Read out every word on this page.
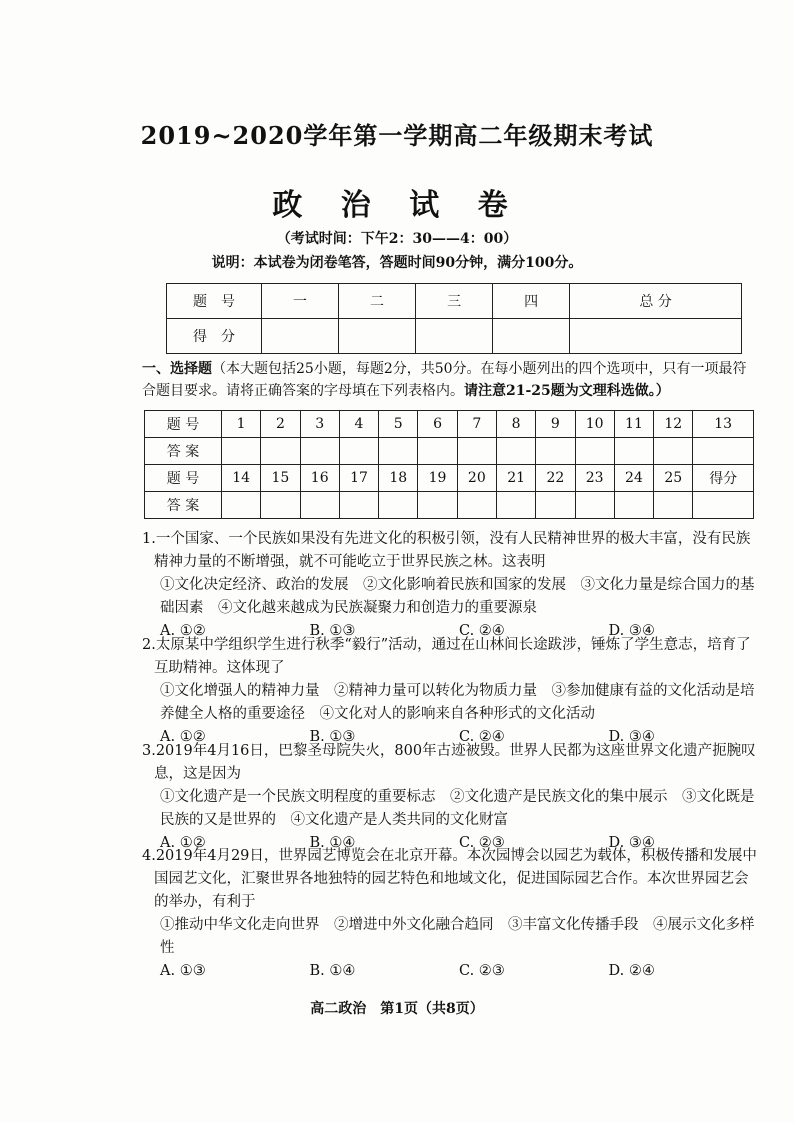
2019~2020学年第一学期高二年级期末考试
政 治 试 卷
（考试时间：下午2：30——4：00）
说明：本试卷为闭卷笔答，答题时间90分钟，满分100分。
题　号	一	二	三	四	总 分
得　分					
一、选择题（本大题包括25小题，每题2分，共50分。在每小题列出的四个选项中，只有一项最符合题目要求。请将正确答案的字母填在下列表格内。请注意21-25题为文理科选做。）
题 号	1	2	3	4	5	6	7	8	9	10	11	12	13
答 案													
题 号	14	15	16	17	18	19	20	21	22	23	24	25	得分
答 案													
1.一个国家、一个民族如果没有先进文化的积极引领，没有人民精神世界的极大丰富，没有民族精神力量的不断增强，就不可能屹立于世界民族之林。这表明
①文化决定经济、政治的发展　②文化影响着民族和国家的发展　③文化力量是综合国力的基础因素　④文化越来越成为民族凝聚力和创造力的重要源泉
A. ①②	B. ①③	C. ②④	D. ③④
2.太原某中学组织学生进行秋季“毅行”活动，通过在山林间长途跋涉，锤炼了学生意志，培育了互助精神。这体现了
①文化增强人的精神力量　②精神力量可以转化为物质力量　③参加健康有益的文化活动是培养健全人格的重要途径　④文化对人的影响来自各种形式的文化活动
A. ①②	B. ①③	C. ②④	D. ③④
3.2019年4月16日，巴黎圣母院失火，800年古迹被毁。世界人民都为这座世界文化遗产扼腕叹息，这是因为
①文化遗产是一个民族文明程度的重要标志　②文化遗产是民族文化的集中展示　③文化既是民族的又是世界的　④文化遗产是人类共同的文化财富
A. ①②	B. ①④	C. ②③	D. ③④
4.2019年4月29日，世界园艺博览会在北京开幕。本次园博会以园艺为载体，积极传播和发展中国园艺文化，汇聚世界各地独特的园艺特色和地域文化，促进国际园艺合作。本次世界园艺会的举办，有利于
①推动中华文化走向世界　②增进中外文化融合趋同　③丰富文化传播手段　④展示文化多样性
A. ①③	B. ①④	C. ②③	D. ②④
高二政治　第1页（共8页）
